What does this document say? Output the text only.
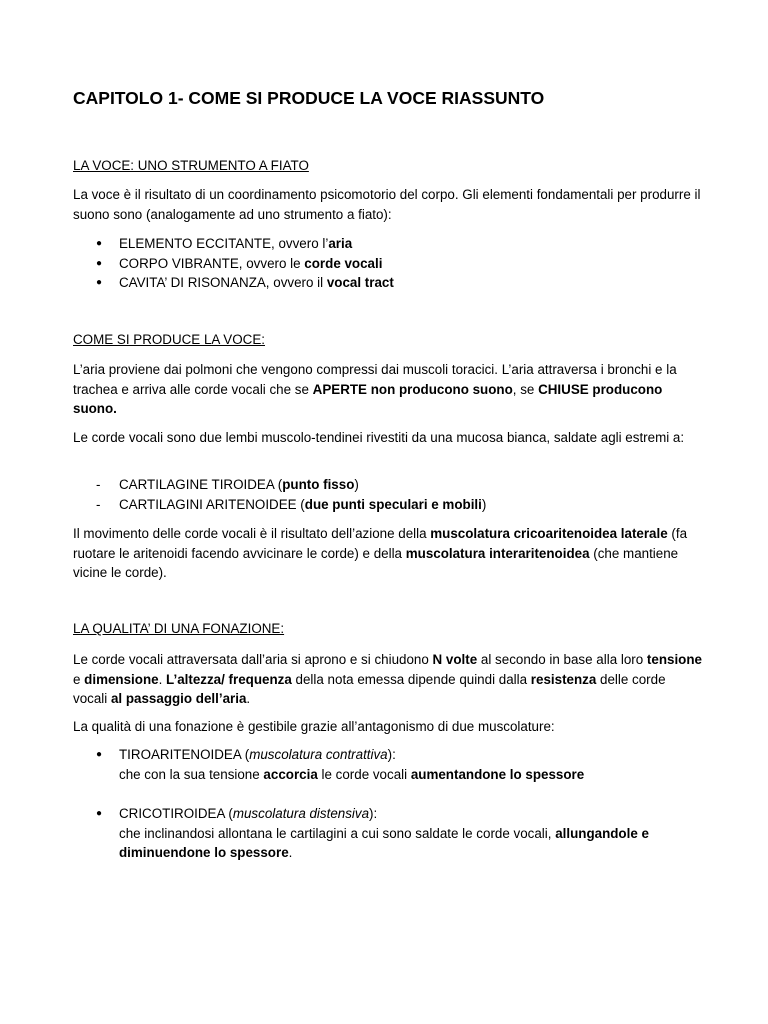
CAPITOLO 1- COME SI PRODUCE LA VOCE RIASSUNTO

LA VOCE: UNO STRUMENTO A FIATO

La voce è il risultato di un coordinamento psicomotorio del corpo. Gli elementi fondamentali per produrre il suono sono (analogamente ad uno strumento a fiato):

● ELEMENTO ECCITANTE, ovvero l’aria
● CORPO VIBRANTE, ovvero le corde vocali
● CAVITA’ DI RISONANZA, ovvero il vocal tract

COME SI PRODUCE LA VOCE:

L’aria proviene dai polmoni che vengono compressi dai muscoli toracici. L’aria attraversa i bronchi e la trachea e arriva alle corde vocali che se APERTE non producono suono, se CHIUSE producono suono.

Le corde vocali sono due lembi muscolo-tendinei rivestiti da una mucosa bianca, saldate agli estremi a:

- CARTILAGINE TIROIDEA (punto fisso)
- CARTILAGINI ARITENOIDEE (due punti speculari e mobili)

Il movimento delle corde vocali è il risultato dell’azione della muscolatura cricoaritenoidea laterale (fa ruotare le aritenoidi facendo avvicinare le corde) e della muscolatura interaritenoidea (che mantiene vicine le corde).

LA QUALITA’ DI UNA FONAZIONE:

Le corde vocali attraversata dall’aria si aprono e si chiudono N volte al secondo in base alla loro tensione e dimensione. L’altezza/ frequenza della nota emessa dipende quindi dalla resistenza delle corde vocali al passaggio dell’aria.

La qualità di una fonazione è gestibile grazie all’antagonismo di due muscolature:

● TIROARITENOIDEA (muscolatura contrattiva):
che con la sua tensione accorcia le corde vocali aumentandone lo spessore
● CRICOTIROIDEA (muscolatura distensiva):
che inclinandosi allontana le cartilagini a cui sono saldate le corde vocali, allungandole e diminuendone lo spessore.
